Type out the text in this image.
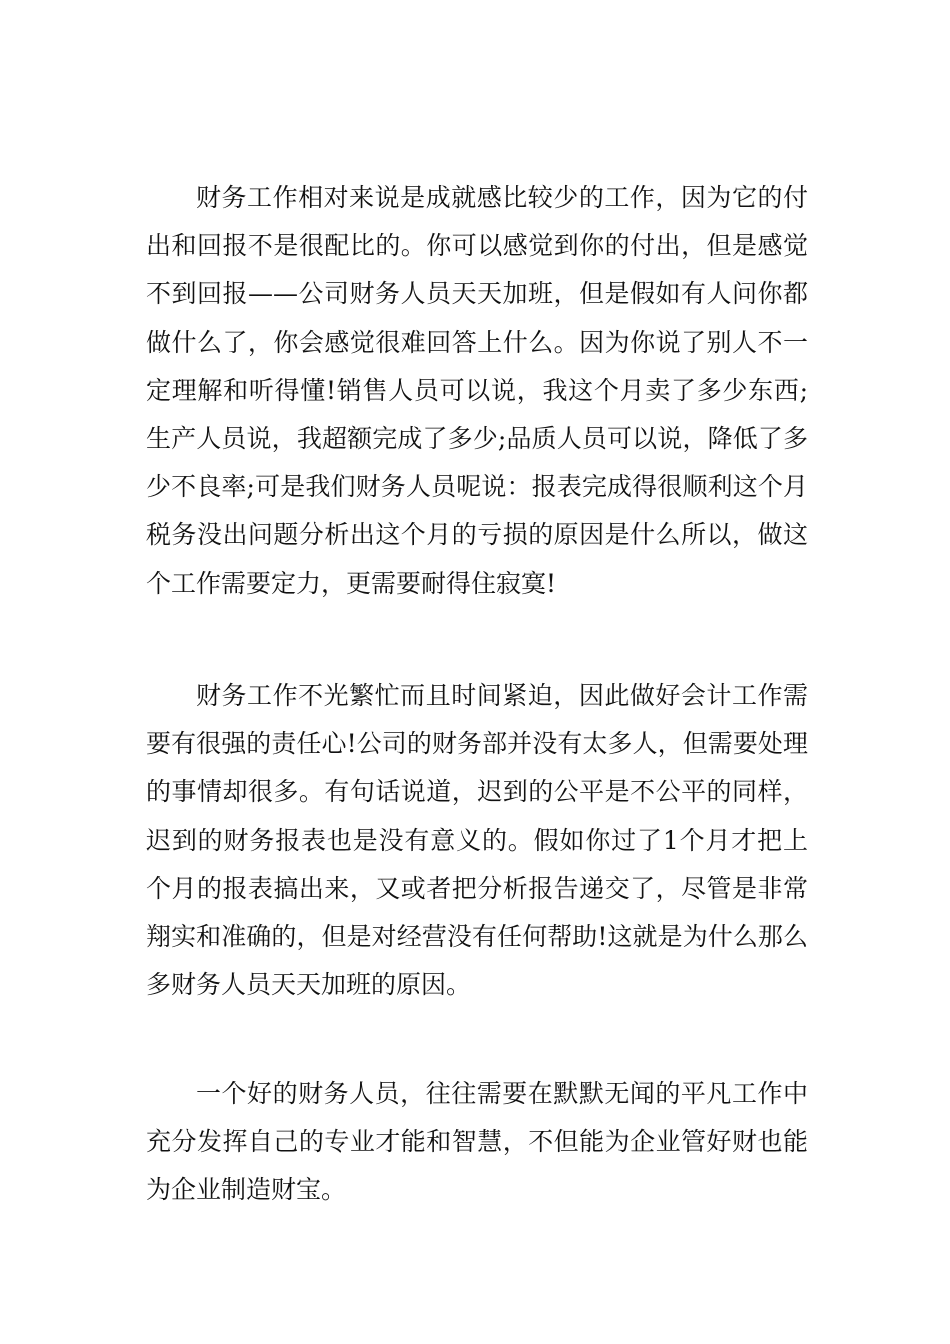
财务工作相对来说是成就感比较少的工作，因为它的付出和回报不是很配比的。你可以感觉到你的付出，但是感觉不到回报——公司财务人员天天加班，但是假如有人问你都做什么了，你会感觉很难回答上什么。因为你说了别人不一定理解和听得懂!销售人员可以说，我这个月卖了多少东西;生产人员说，我超额完成了多少;品质人员可以说，降低了多少不良率;可是我们财务人员呢说：报表完成得很顺利这个月税务没出问题分析出这个月的亏损的原因是什么所以，做这个工作需要定力，更需要耐得住寂寞!

财务工作不光繁忙而且时间紧迫，因此做好会计工作需要有很强的责任心!公司的财务部并没有太多人，但需要处理的事情却很多。有句话说道，迟到的公平是不公平的同样，迟到的财务报表也是没有意义的。假如你过了1个月才把上个月的报表搞出来，又或者把分析报告递交了，尽管是非常翔实和准确的，但是对经营没有任何帮助!这就是为什么那么多财务人员天天加班的原因。

一个好的财务人员，往往需要在默默无闻的平凡工作中充分发挥自己的专业才能和智慧，不但能为企业管好财也能为企业制造财宝。
